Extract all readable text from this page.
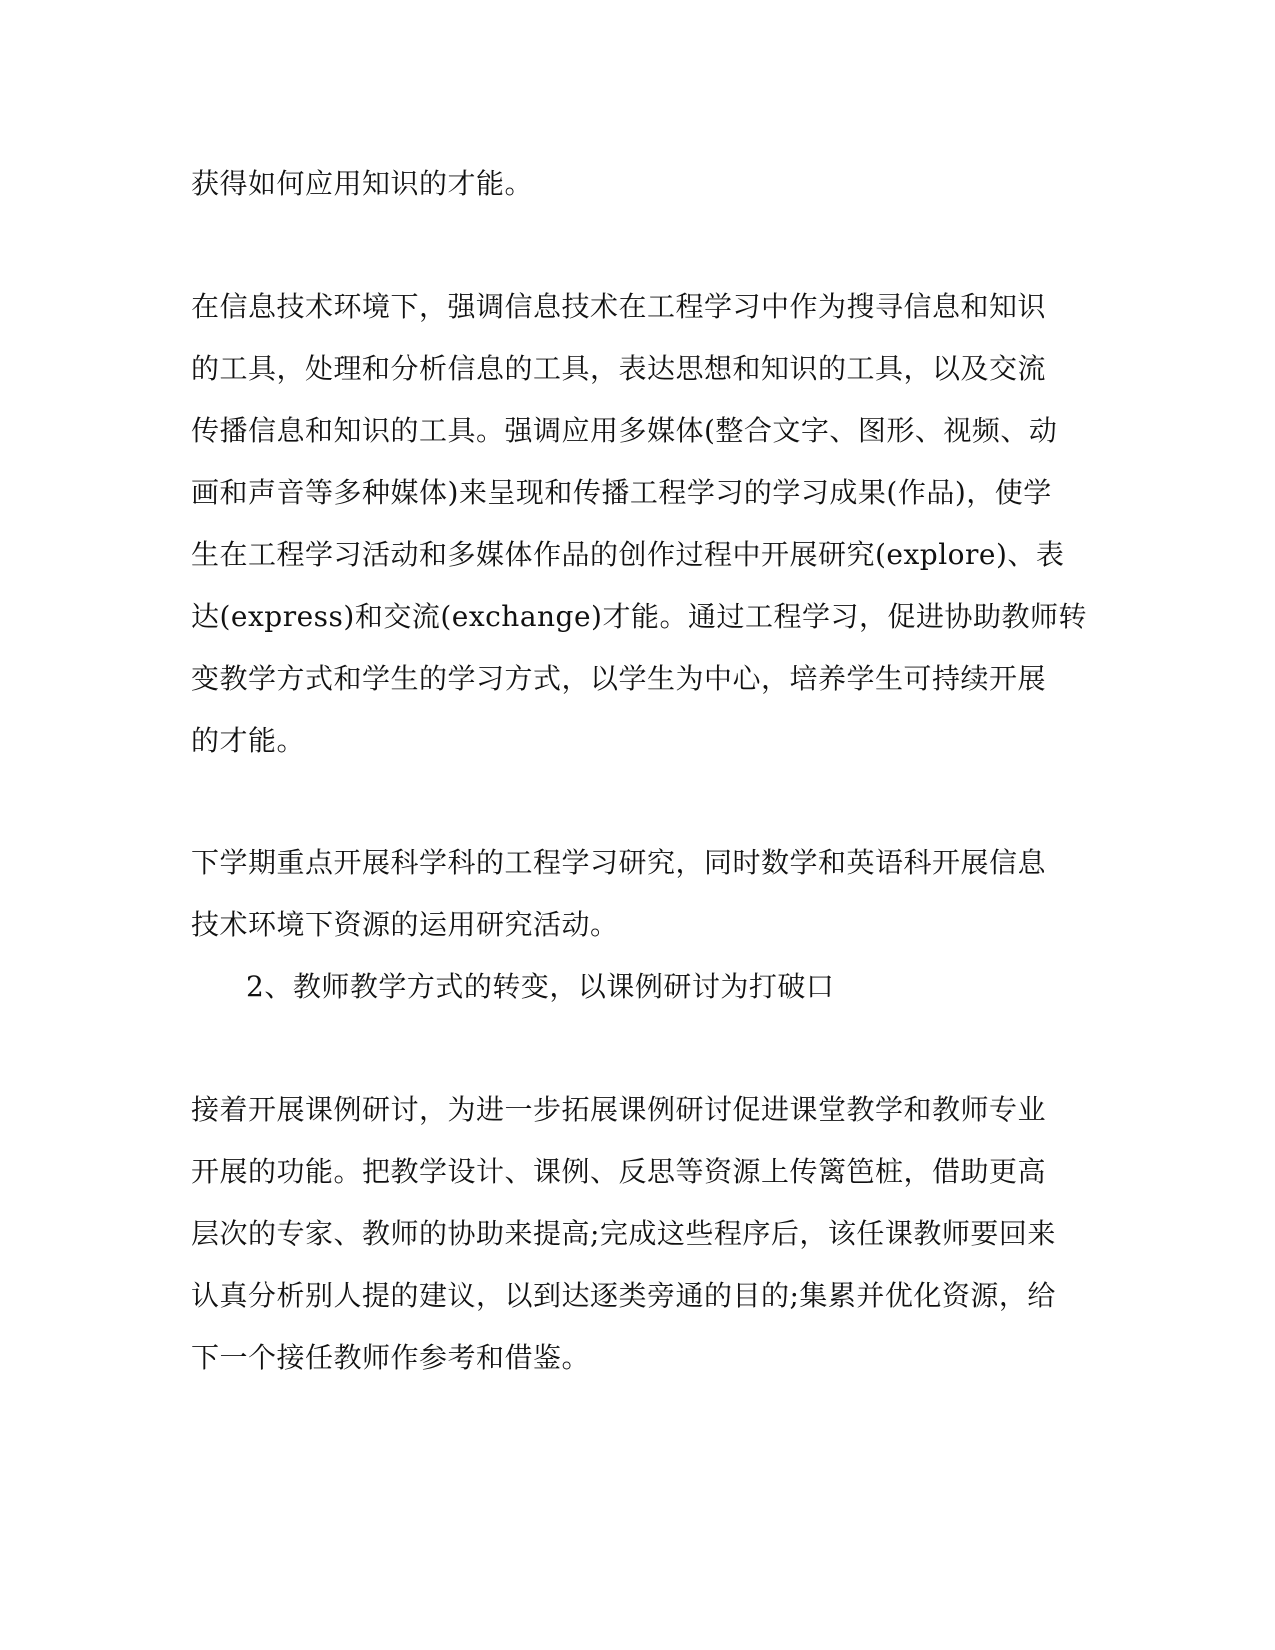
获得如何应用知识的才能。
在信息技术环境下，强调信息技术在工程学习中作为搜寻信息和知识
的工具，处理和分析信息的工具，表达思想和知识的工具，以及交流
传播信息和知识的工具。强调应用多媒体(整合文字、图形、视频、动
画和声音等多种媒体)来呈现和传播工程学习的学习成果(作品)，使学
生在工程学习活动和多媒体作品的创作过程中开展研究(explore)、表
达(express)和交流(exchange)才能。通过工程学习，促进协助教师转
变教学方式和学生的学习方式，以学生为中心，培养学生可持续开展
的才能。
下学期重点开展科学科的工程学习研究，同时数学和英语科开展信息
技术环境下资源的运用研究活动。
2、教师教学方式的转变，以课例研讨为打破口
接着开展课例研讨，为进一步拓展课例研讨促进课堂教学和教师专业
开展的功能。把教学设计、课例、反思等资源上传篱笆桩，借助更高
层次的专家、教师的协助来提高;完成这些程序后，该任课教师要回来
认真分析别人提的建议，以到达逐类旁通的目的;集累并优化资源，给
下一个接任教师作参考和借鉴。
